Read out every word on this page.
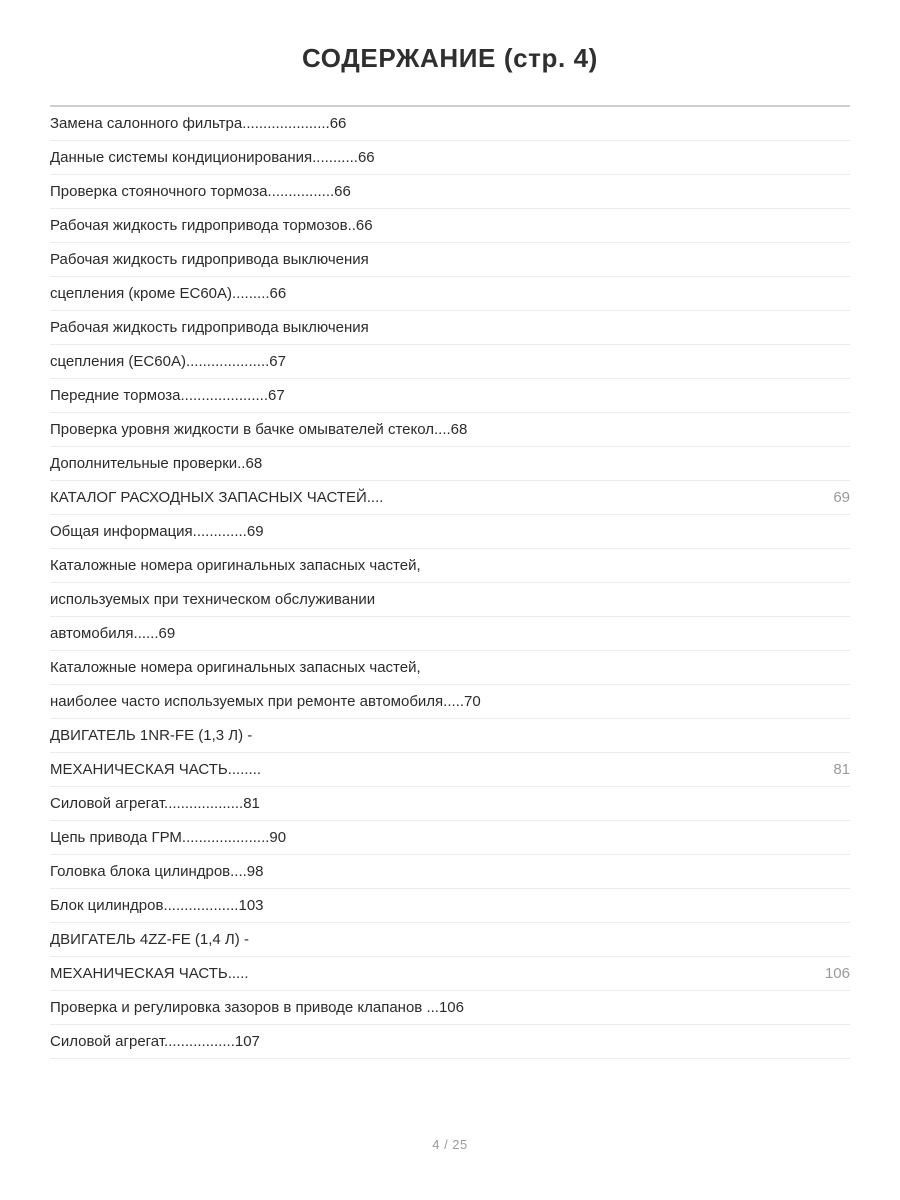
СОДЕРЖАНИЕ (стр. 4)
Замена салонного фильтра.....................66
Данные системы кондиционирования...........66
Проверка стояночного тормоза................66
Рабочая жидкость гидропривода тормозов..66
Рабочая жидкость гидропривода выключения
сцепления (кроме EC60A).........66
Рабочая жидкость гидропривода выключения
сцепления (EC60A)....................67
Передние тормоза.....................67
Проверка уровня жидкости в бачке омывателей стекол....68
Дополнительные проверки..68
КАТАЛОГ РАСХОДНЫХ ЗАПАСНЫХ ЧАСТЕЙ....	69
Общая информация.............69
Каталожные номера оригинальных запасных частей,
используемых при техническом обслуживании
автомобиля......69
Каталожные номера оригинальных запасных частей,
наиболее часто используемых при ремонте автомобиля.....70
ДВИГАТЕЛЬ 1NR-FE (1,3 Л) -
МЕХАНИЧЕСКАЯ ЧАСТЬ........	81
Силовой агрегат...................81
Цепь привода ГРМ.....................90
Головка блока цилиндров....98
Блок цилиндров..................103
ДВИГАТЕЛЬ 4ZZ-FE (1,4 Л) -
МЕХАНИЧЕСКАЯ ЧАСТЬ.....	106
Проверка и регулировка зазоров в приводе клапанов ...106
Силовой агрегат.................107
4 / 25
